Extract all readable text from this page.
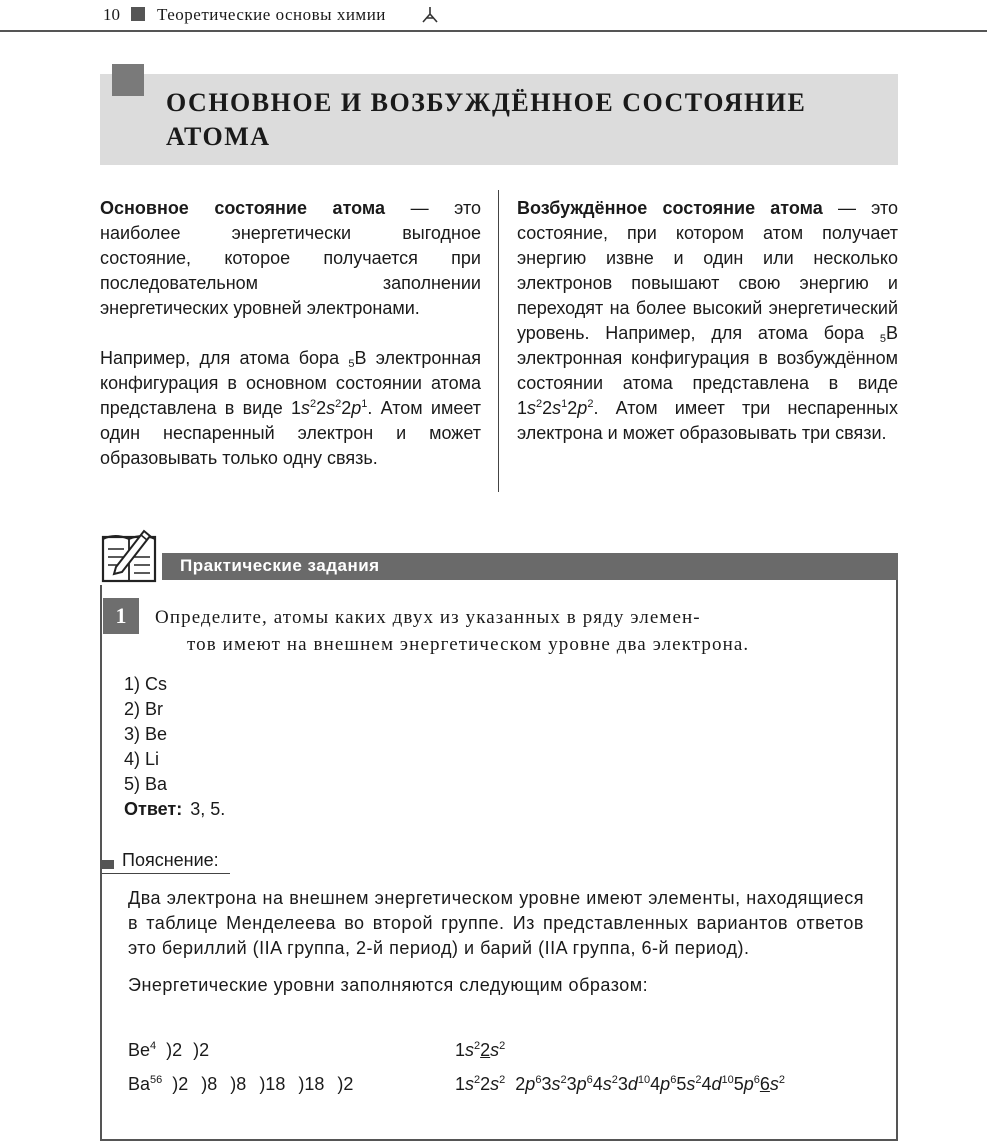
10 Теоретические основы химии
ОСНОВНОЕ И ВОЗБУЖДЁННОЕ СОСТОЯНИЕ
АТОМА

Основное состояние атома — это наиболее энергетически выгодное состояние, которое получается при последовательном заполнении энергетических уровней электронами.

Например, для атома бора $_5$B электронная конфигурация в основном состоянии атома представлена в виде $1s^22s^22p^1$. Атом имеет один неспаренный электрон и может образовывать только одну связь.

Возбуждённое состояние атома — это состояние, при котором атом получает энергию извне и один или несколько электронов повышают свою энергию и переходят на более высокий энергетический уровень. Например, для атома бора $_5$B электронная конфигурация в возбуждённом состоянии атома представлена в виде $1s^22s^12p^2$. Атом имеет три неспаренных электрона и может образовывать три связи.

Практические задания
1	Определите, атомы каких двух из указанных в ряду элемен-
тов имеют на внешнем энергетическом уровне два электрона.
1) Cs
2) Br
3) Be
4) Li
5) Ba
Ответ: 3, 5.
Пояснение:

Два электрона на внешнем энергетическом уровне имеют элементы, находящиеся в таблице Менделеева во второй группе. Из представленных вариантов ответов это бериллий (IIA группа, 2-й период) и барий (IIA группа, 6-й период).

Энергетические уровни заполняются следующим образом:

Be$^4$ )2 )2	$1s^22s^2$
Ba$^{56}$ )2 )8 )8 )18 )18 )2	$1s^22s^2$  $2p^63s^23p^64s^23d^{10}4p^65s^24d^{10}5p^66s^2$
